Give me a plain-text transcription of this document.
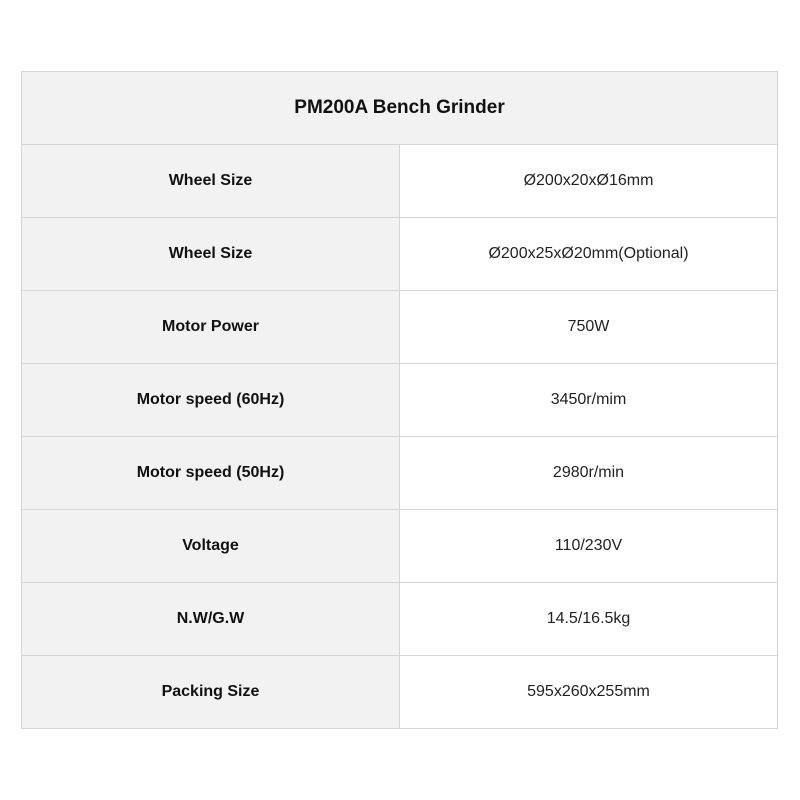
PM200A Bench Grinder	
Wheel Size	Ø200x20xØ16mm
Wheel Size	Ø200x25xØ20mm(Optional)
Motor Power	750W
Motor speed (60Hz)	3450r/mim
Motor speed (50Hz)	2980r/min
Voltage	110/230V
N.W/G.W	14.5/16.5kg
Packing Size	595x260x255mm
